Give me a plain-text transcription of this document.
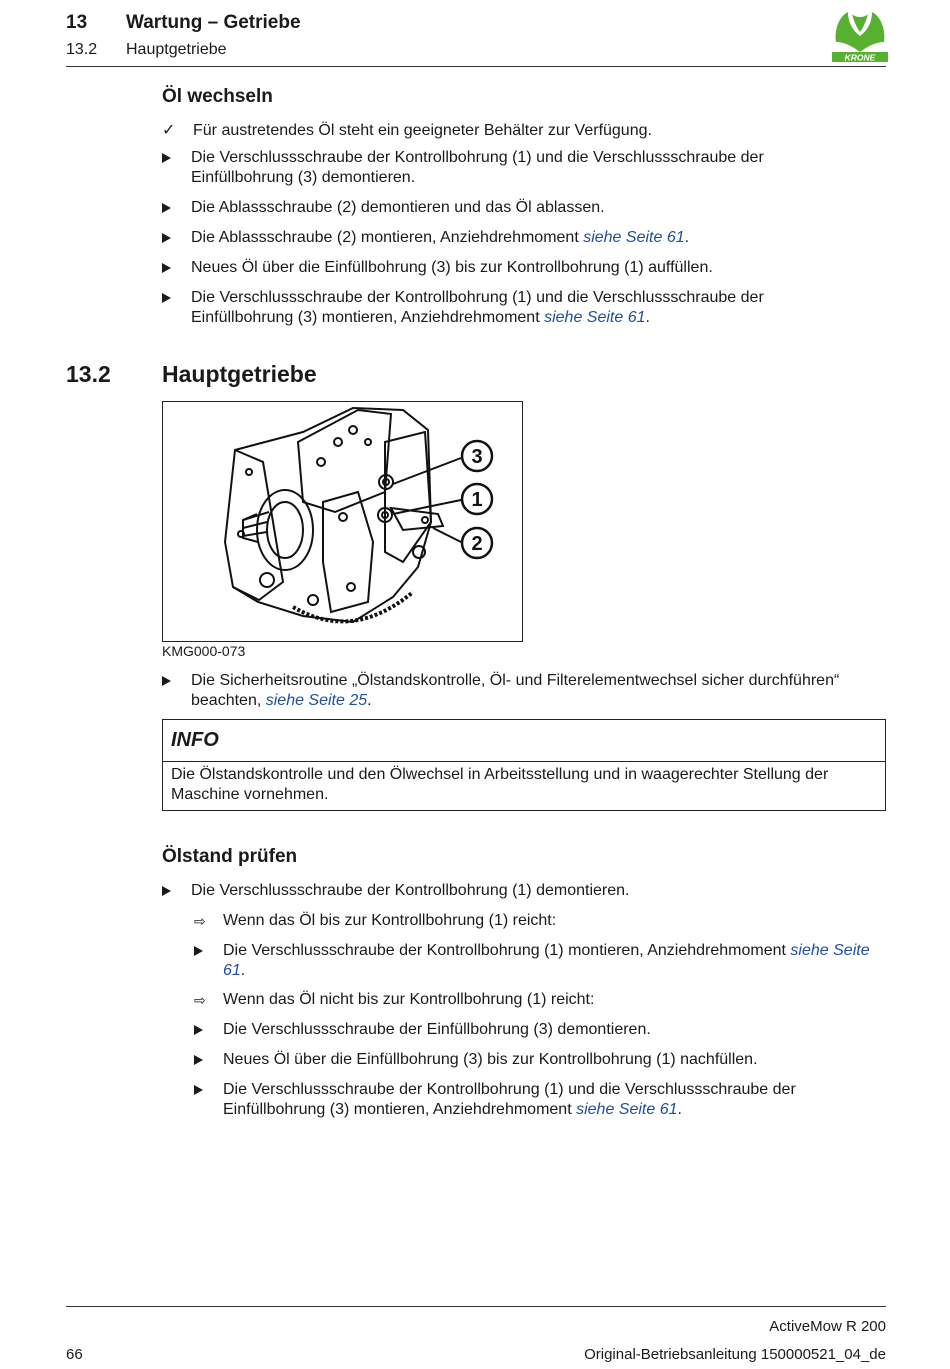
13 Wartung – Getriebe
13.2 Hauptgetriebe	KRONE
Öl wechseln
✓	Für austretendes Öl steht ein geeigneter Behälter zur Verfügung.
Die Verschlussschraube der Kontrollbohrung (1) und die Verschlussschraube der Einfüllbohrung (3) demontieren.
Die Ablassschraube (2) demontieren und das Öl ablassen.
Die Ablassschraube (2) montieren, Anziehdrehmoment siehe Seite 61.
Neues Öl über die Einfüllbohrung (3) bis zur Kontrollbohrung (1) auffüllen.
Die Verschlussschraube der Kontrollbohrung (1) und die Verschlussschraube der Einfüllbohrung (3) montieren, Anziehdrehmoment siehe Seite 61.
13.2 Hauptgetriebe
3
1
2
KMG000-073
Die Sicherheitsroutine „Ölstandskontrolle, Öl- und Filterelementwechsel sicher durchführen“ beachten, siehe Seite 25.
INFO
Die Ölstandskontrolle und den Ölwechsel in Arbeitsstellung und in waagerechter Stellung der Maschine vornehmen.
Ölstand prüfen
Die Verschlussschraube der Kontrollbohrung (1) demontieren.
⇨	Wenn das Öl bis zur Kontrollbohrung (1) reicht:
Die Verschlussschraube der Kontrollbohrung (1) montieren, Anziehdrehmoment siehe Seite 61.
⇨	Wenn das Öl nicht bis zur Kontrollbohrung (1) reicht:
Die Verschlussschraube der Einfüllbohrung (3) demontieren.
Neues Öl über die Einfüllbohrung (3) bis zur Kontrollbohrung (1) nachfüllen.
Die Verschlussschraube der Kontrollbohrung (1) und die Verschlussschraube der Einfüllbohrung (3) montieren, Anziehdrehmoment siehe Seite 61.
ActiveMow R 200
66	Original-Betriebsanleitung 150000521_04_de
